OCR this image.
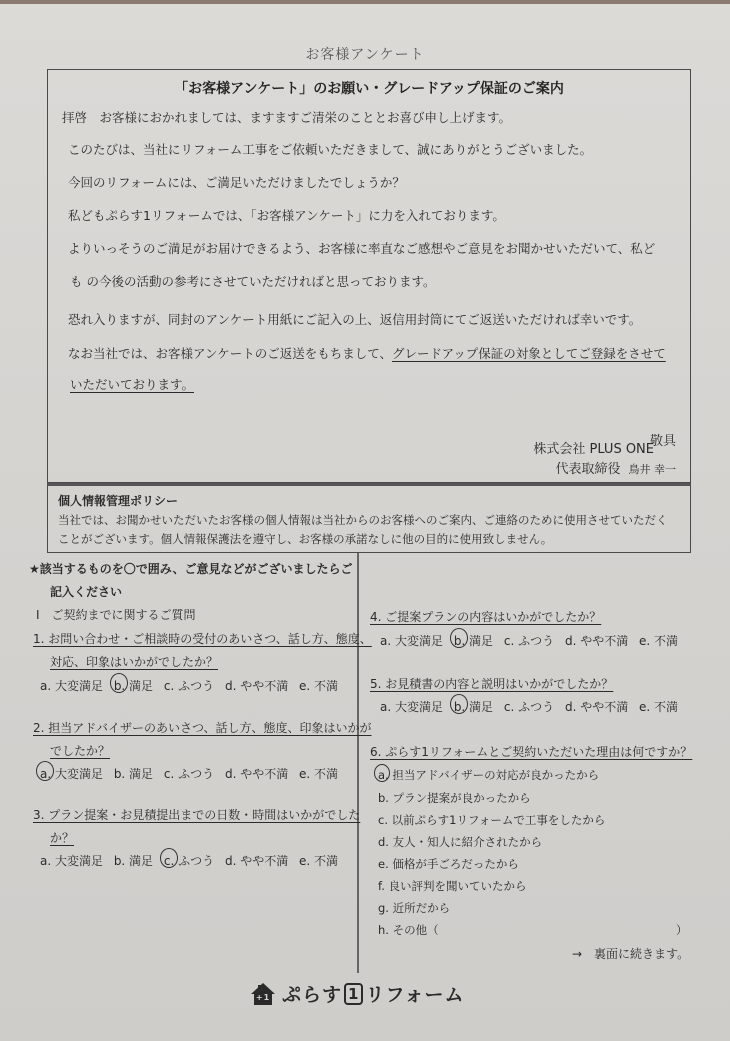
お客様アンケート
「お客様アンケート」のお願い・グレードアップ保証のご案内
拝啓　お客様におかれましては、ますますご清栄のこととお喜び申し上げます。
このたびは、当社にリフォーム工事をご依頼いただきまして、誠にありがとうございました。
今回のリフォームには、ご満足いただけましたでしょうか？
私どもぷらす1リフォームでは、「お客様アンケート」に力を入れております。
よりいっそうのご満足がお届けできるよう、お客様に率直なご感想やご意見をお聞かせいただいて、私ど
も の今後の活動の参考にさせていただければと思っております。
恐れ入りますが、同封のアンケート用紙にご記入の上、返信用封筒にてご返送いただければ幸いです。
なお当社では、お客様アンケートのご返送をもちまして、グレードアップ保証の対象としてご登録をさせて
いただいております。
敬具
株式会社 PLUS ONE
代表取締役 鳥井 幸一
個人情報管理ポリシー
当社では、お聞かせいただいたお客様の個人情報は当社からのお客様へのご案内、ご連絡のために使用させていただく
ことがございます。個人情報保護法を遵守し、お客様の承諾なしに他の目的に使用致しません。
★該当するものを〇で囲み、ご意見などがございましたらご
記入ください
Ⅰ　ご契約までに関するご質問
1. お問い合わせ・ご相談時の受付のあいさつ、話し方、態度、
対応、印象はいかがでしたか？
a. 大変満足 b. 満足 c. ふつう d. やや不満 e. 不満
2. 担当アドバイザーのあいさつ、話し方、態度、印象はいかが
でしたか？
a. 大変満足 b. 満足 c. ふつう d. やや不満 e. 不満
3. プラン提案・お見積提出までの日数・時間はいかがでした
か？
a. 大変満足 b. 満足 c. ふつう d. やや不満 e. 不満
4. ご提案プランの内容はいかがでしたか？
a. 大変満足 b. 満足 c. ふつう d. やや不満 e. 不満
5. お見積書の内容と説明はいかがでしたか？
a. 大変満足 b. 満足 c. ふつう d. やや不満 e. 不満
6. ぷらす1リフォームとご契約いただいた理由は何ですか？
a. 担当アドバイザーの対応が良かったから
b. プラン提案が良かったから
c. 以前ぷらす1リフォームで工事をしたから
d. 友人・知人に紹介されたから
e. 価格が手ごろだったから
f. 良い評判を聞いていたから
g. 近所だから
h. その他（	）
→　裏面に続きます。
+1 ぷらす 1 リフォーム
